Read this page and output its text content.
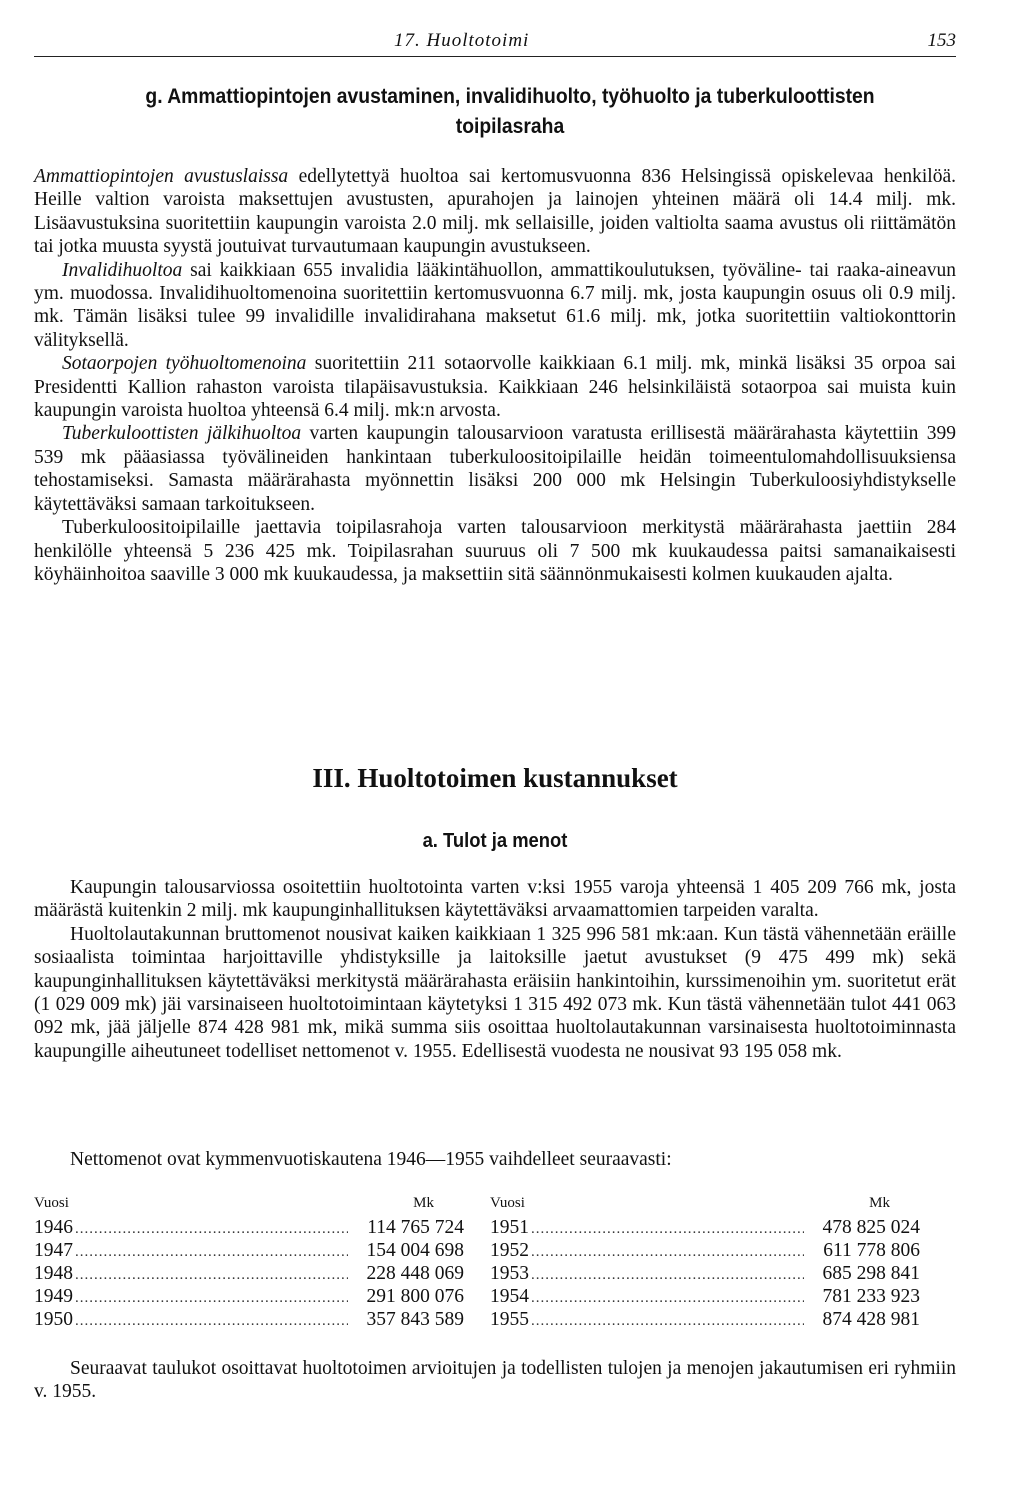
17. Huoltotoimi	153
g. Ammattiopintojen avustaminen, invalidihuolto, työhuolto ja tuberkuloottisten
toipilasraha

Ammattiopintojen avustuslaissa edellytettyä huoltoa sai kertomusvuonna 836 Helsingissä opiskelevaa henkilöä. Heille valtion varoista maksettujen avustusten, apurahojen ja lainojen yhteinen määrä oli 14.4 milj. mk. Lisäavustuksina suoritettiin kaupungin varoista 2.0 milj. mk sellaisille, joiden valtiolta saama avustus oli riittämätön tai jotka muusta syystä joutuivat turvautumaan kaupungin avustukseen.

Invalidihuoltoa sai kaikkiaan 655 invalidia lääkintähuollon, ammattikoulutuksen, työväline- tai raaka-aineavun ym. muodossa. Invalidihuoltomenoina suoritettiin kertomusvuonna 6.7 milj. mk, josta kaupungin osuus oli 0.9 milj. mk. Tämän lisäksi tulee 99 invalidille invalidirahana maksetut 61.6 milj. mk, jotka suoritettiin valtiokonttorin välityksellä.

Sotaorpojen työhuoltomenoina suoritettiin 211 sotaorvolle kaikkiaan 6.1 milj. mk, minkä lisäksi 35 orpoa sai Presidentti Kallion rahaston varoista tilapäisavustuksia. Kaikkiaan 246 helsinkiläistä sotaorpoa sai muista kuin kaupungin varoista huoltoa yhteensä 6.4 milj. mk:n arvosta.

Tuberkuloottisten jälkihuoltoa varten kaupungin talousarvioon varatusta erillisestä määrärahasta käytettiin 399 539 mk pääasiassa työvälineiden hankintaan tuberkuloositoipilaille heidän toimeentulomahdollisuuksiensa tehostamiseksi. Samasta määrärahasta myönnettin lisäksi 200 000 mk Helsingin Tuberkuloosiyhdistykselle käytettäväksi samaan tarkoitukseen.

Tuberkuloositoipilaille jaettavia toipilasrahoja varten talousarvioon merkitystä määrärahasta jaettiin 284 henkilölle yhteensä 5 236 425 mk. Toipilasrahan suuruus oli 7 500 mk kuukaudessa paitsi samanaikaisesti köyhäinhoitoa saaville 3 000 mk kuukaudessa, ja maksettiin sitä säännönmukaisesti kolmen kuukauden ajalta.

III. Huoltotoimen kustannukset
a. Tulot ja menot

Kaupungin talousarviossa osoitettiin huoltotointa varten v:ksi 1955 varoja yhteensä 1 405 209 766 mk, josta määrästä kuitenkin 2 milj. mk kaupunginhallituksen käytettäväksi arvaamattomien tarpeiden varalta.

Huoltolautakunnan bruttomenot nousivat kaiken kaikkiaan 1 325 996 581 mk:aan. Kun tästä vähennetään eräille sosiaalista toimintaa harjoittaville yhdistyksille ja laitoksille jaetut avustukset (9 475 499 mk) sekä kaupunginhallituksen käytettäväksi merkitystä määrärahasta eräisiin hankintoihin, kurssimenoihin ym. suoritetut erät (1 029 009 mk) jäi varsinaiseen huoltotoimintaan käytetyksi 1 315 492 073 mk. Kun tästä vähennetään tulot 441 063 092 mk, jää jäljelle 874 428 981 mk, mikä summa siis osoittaa huoltolautakunnan varsinaisesta huoltotoiminnasta kaupungille aiheutuneet todelliset nettomenot v. 1955. Edellisestä vuodesta ne nousivat 93 195 058 mk.

Nettomenot ovat kymmenvuotiskautena 1946—1955 vaihdelleet seuraavasti:
Vuosi	Mk
1946 .....	114 765 724
1947 .....	154 004 698
1948 .....	228 448 069
1949 .....	291 800 076
1950 .....	357 843 589
Vuosi	Mk
1951 .....	478 825 024
1952 .....	611 778 806
1953 .....	685 298 841
1954 .....	781 233 923
1955 .....	874 428 981

Seuraavat taulukot osoittavat huoltotoimen arvioitujen ja todellisten tulojen ja menojen jakautumisen eri ryhmiin v. 1955.
